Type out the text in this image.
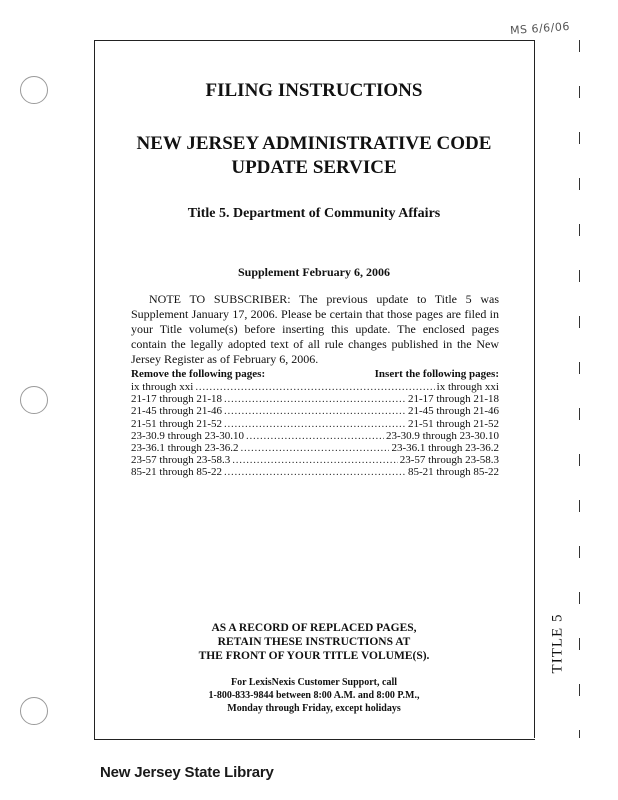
MS 6/6/06
TITLE 5
FILING INSTRUCTIONS
NEW JERSEY ADMINISTRATIVE CODE
UPDATE SERVICE
Title 5. Department of Community Affairs
Supplement February 6, 2006
NOTE TO SUBSCRIBER: The previous update to Title 5 was Supplement January 17, 2006. Please be certain that those pages are filed in your Title volume(s) before inserting this update. The enclosed pages contain the legally adopted text of all rule changes published in the New Jersey Register as of February 6, 2006.
Remove the following pages:	Insert the following pages:
ix through xxi . . .	ix through xxi
21-17 through 21-18 . . .	21-17 through 21-18
21-45 through 21-46 . . .	21-45 through 21-46
21-51 through 21-52 . . .	21-51 through 21-52
23-30.9 through 23-30.10 . . .	23-30.9 through 23-30.10
23-36.1 through 23-36.2 . . .	23-36.1 through 23-36.2
23-57 through 23-58.3 . . .	23-57 through 23-58.3
85-21 through 85-22 . . .	85-21 through 85-22
AS A RECORD OF REPLACED PAGES,
RETAIN THESE INSTRUCTIONS AT
THE FRONT OF YOUR TITLE VOLUME(S).
For LexisNexis Customer Support, call
1-800-833-9844 between 8:00 A.M. and 8:00 P.M.,
Monday through Friday, except holidays
New Jersey State Library
